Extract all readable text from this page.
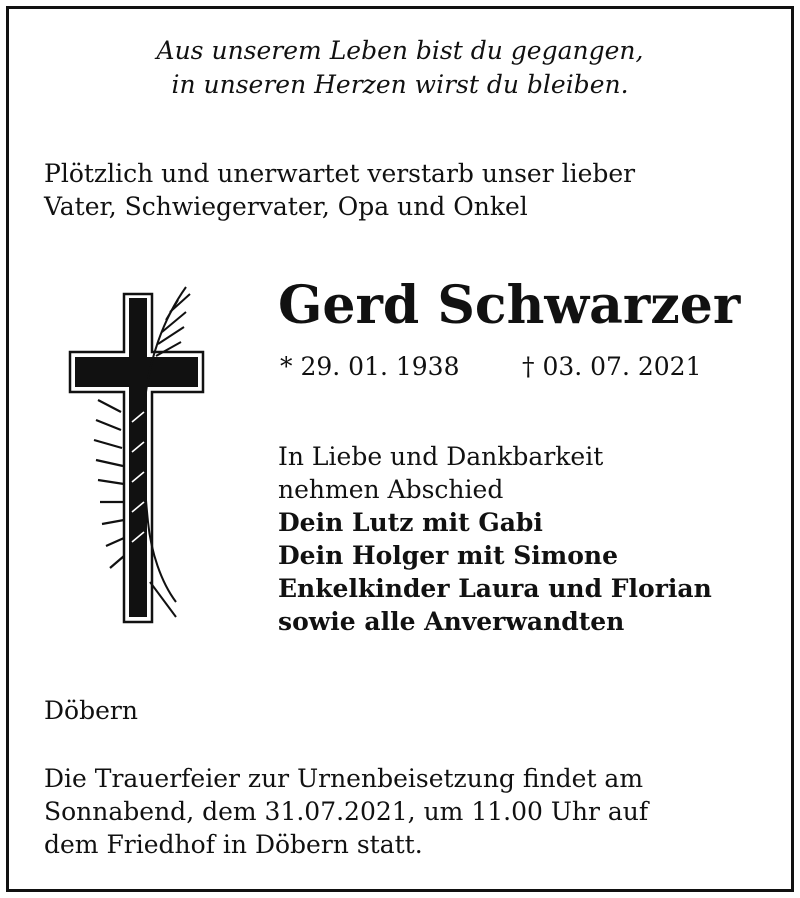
Aus unserem Leben bist du gegangen,
in unseren Herzen wirst du bleiben.
Plötzlich und unerwartet verstarb unser lieber
Vater, Schwiegervater, Opa und Onkel
Gerd Schwarzer
* 29. 01. 1938	† 03. 07. 2021
In Liebe und Dankbarkeit
nehmen Abschied
Dein Lutz mit Gabi
Dein Holger mit Simone
Enkelkinder Laura und Florian
sowie alle Anverwandten
Döbern
Die Trauerfeier zur Urnenbeisetzung findet am
Sonnabend, dem 31.07.2021, um 11.00 Uhr auf
dem Friedhof in Döbern statt.
